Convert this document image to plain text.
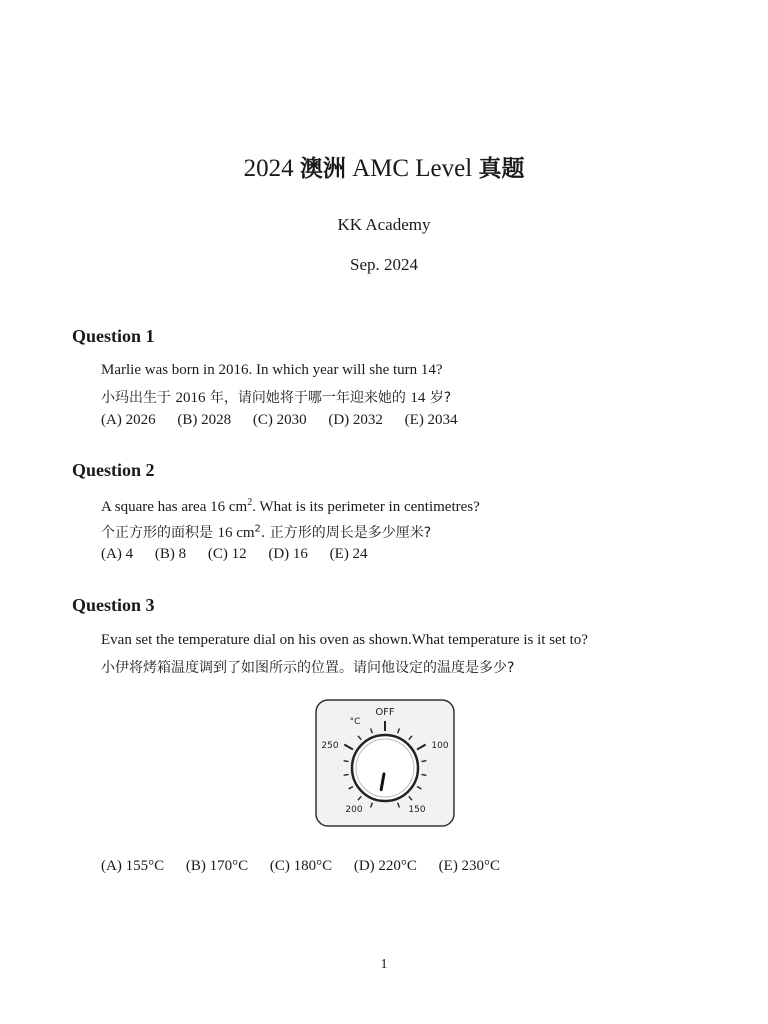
2024 澳洲 AMC Level 真题
KK Academy
Sep. 2024
Question 1
Marlie was born in 2016. In which year will she turn 14?
小玛出生于 2016 年，请问她将于哪一年迎来她的 14 岁?
(A) 2026 (B) 2028 (C) 2030 (D) 2032 (E) 2034
Question 2
A square has area 16 $cm^2$. What is its perimeter in centimetres?
个正方形的面积是 16 $cm^2$. 正方形的周长是多少厘米?
(A) 4 (B) 8 (C) 12 (D) 16 (E) 24
Question 3
Evan set the temperature dial on his oven as shown.What temperature is it set to?
小伊将烤箱温度调到了如图所示的位置。请问他设定的温度是多少?
OFF
°C
250	100
200	150
(A) 155°C (B) 170°C (C) 180°C (D) 220°C (E) 230°C
1
